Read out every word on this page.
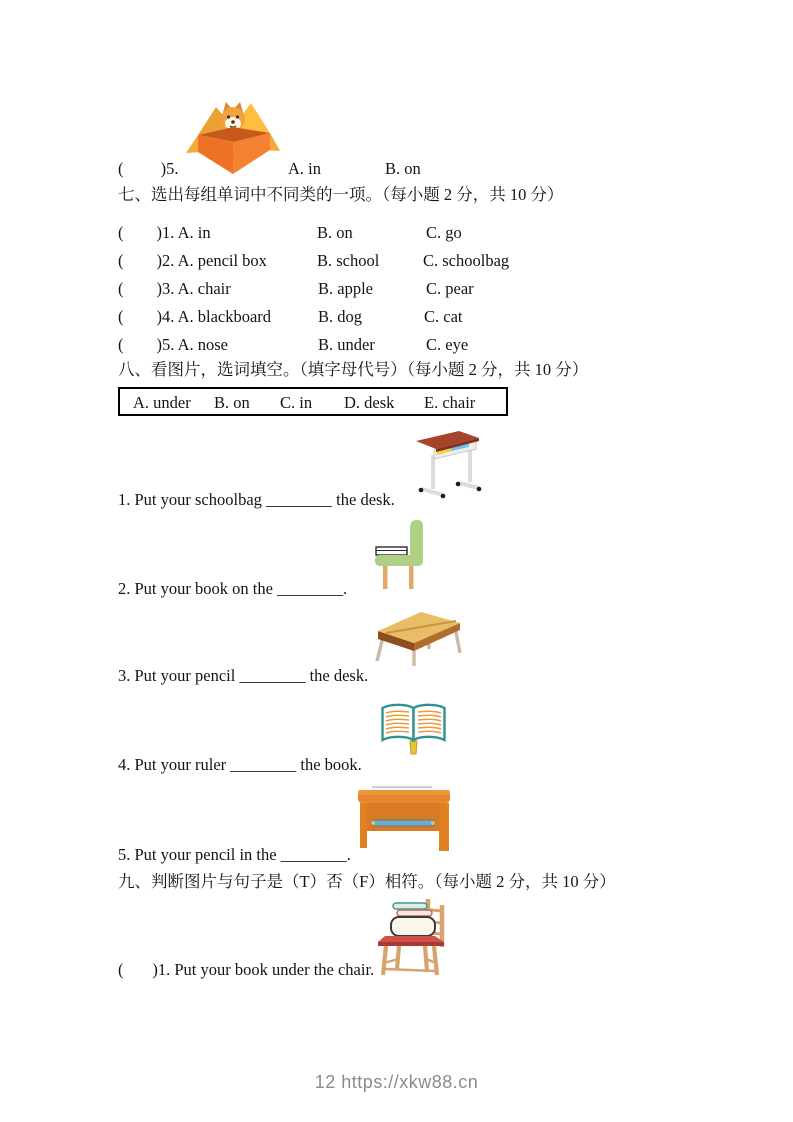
(         )5.	A. in	B. on
七、选出每组单词中不同类的一项。（每小题 2 分，共 10 分）
(        )1. A. in	B. on	C. go
(        )2. A. pencil box	B. school	C. schoolbag
(        )3. A. chair	B. apple	C. pear
(        )4. A. blackboard	B. dog	C. cat
(        )5. A. nose	B. under	C. eye
八、看图片，选词填空。（填字母代号）（每小题 2 分，共 10 分）
A. under B. on C. in D. desk E. chair
1. Put your schoolbag ________ the desk.
2. Put your book on the ________.
3. Put your pencil ________ the desk.
4. Put your ruler ________ the book.
5. Put your pencil in the ________.
九、判断图片与句子是（T）否（F）相符。（每小题 2 分，共 10 分）
(       )1. Put your book under the chair.
12 https://xkw88.cn
